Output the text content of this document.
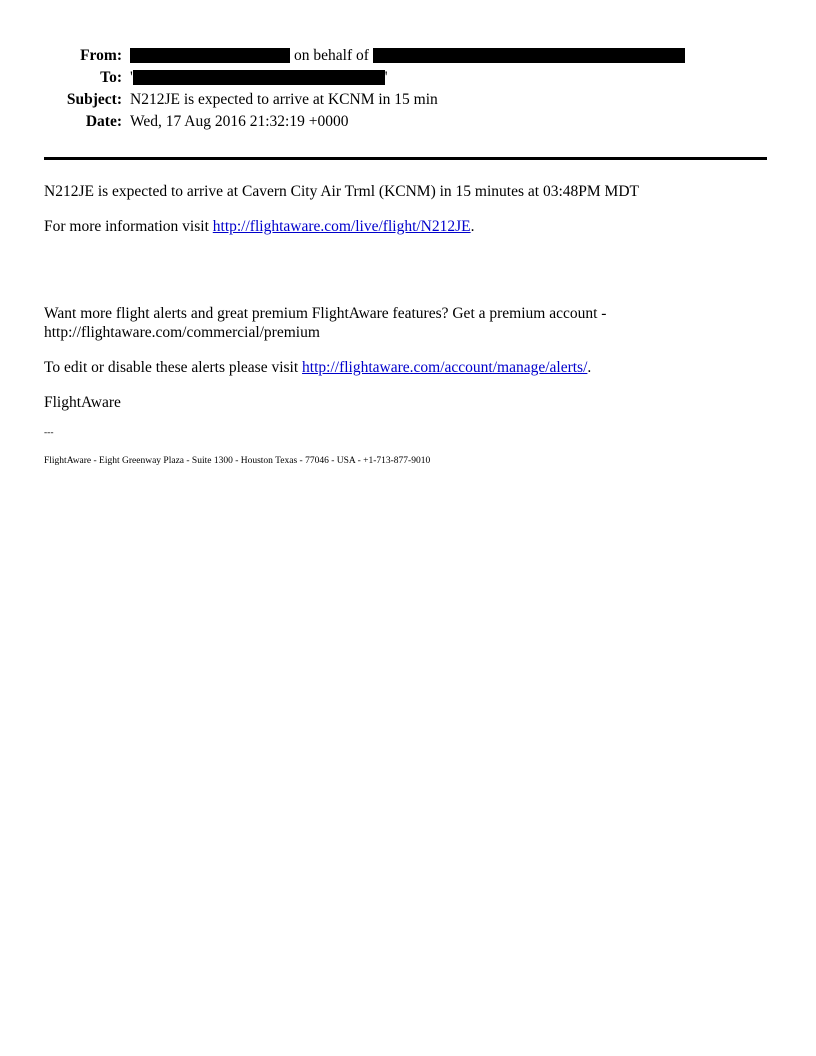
From:	on behalf of
To: '	'
Subject: N212JE is expected to arrive at KCNM in 15 min
Date: Wed, 17 Aug 2016 21:32:19 +0000

N212JE is expected to arrive at Cavern City Air Trml (KCNM) in 15 minutes at 03:48PM MDT

For more information visit http://flightaware.com/live/flight/N212JE.

Want more flight alerts and great premium FlightAware features? Get a premium account - http://flightaware.com/commercial/premium

To edit or disable these alerts please visit http://flightaware.com/account/manage/alerts/.

FlightAware

---

FlightAware - Eight Greenway Plaza - Suite 1300 - Houston Texas - 77046 - USA - +1-713-877-9010
